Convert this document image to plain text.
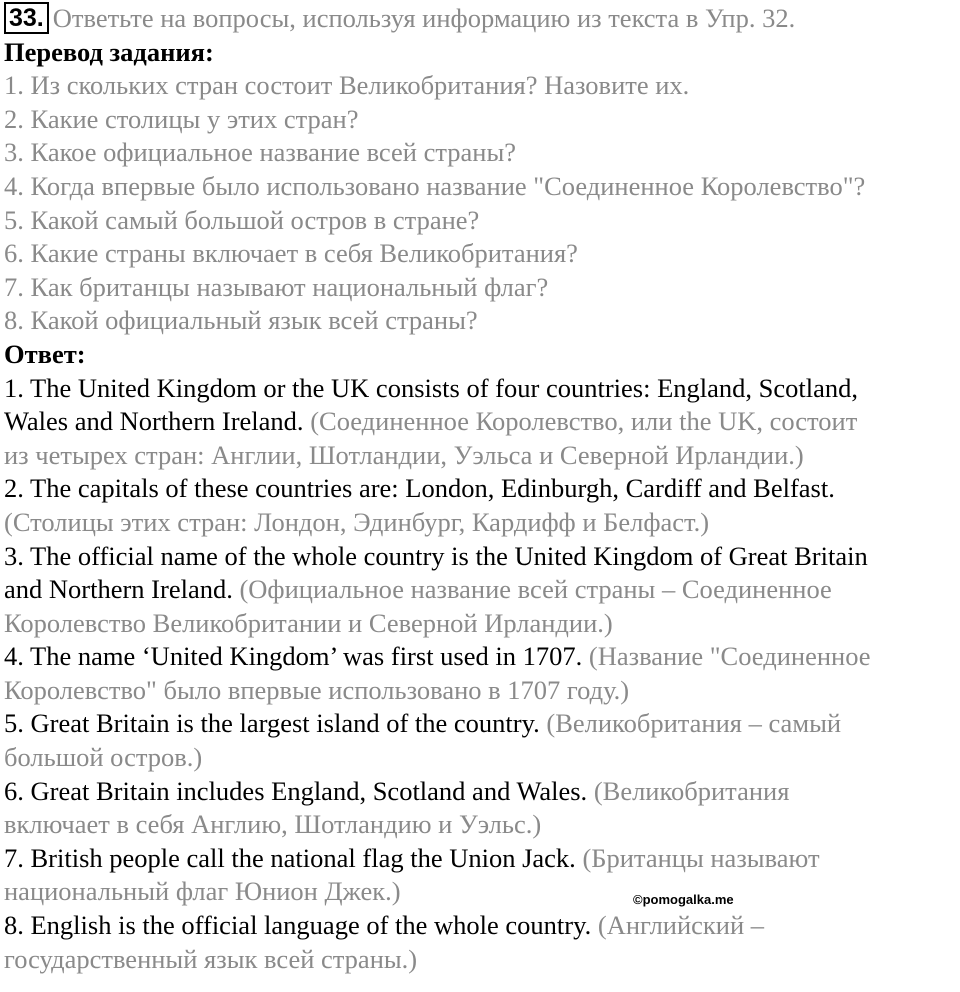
33. Ответьте на вопросы, используя информацию из текста в Упр. 32.
Перевод задания:
1. Из скольких стран состоит Великобритания? Назовите их.
2. Какие столицы у этих стран?
3. Какое официальное название всей страны?
4. Когда впервые было использовано название "Соединенное Королевство"?
5. Какой самый большой остров в стране?
6. Какие страны включает в себя Великобритания?
7. Как британцы называют национальный флаг?
8. Какой официальный язык всей страны?
Ответ:
1. The United Kingdom or the UK consists of four countries: England, Scotland,
Wales and Northern Ireland. (Соединенное Королевство, или the UK, состоит
из четырех стран: Англии, Шотландии, Уэльса и Северной Ирландии.)
2. The capitals of these countries are: London, Edinburgh, Cardiff and Belfast.
(Столицы этих стран: Лондон, Эдинбург, Кардифф и Белфаст.)
3. The official name of the whole country is the United Kingdom of Great Britain
and Northern Ireland. (Официальное название всей страны – Соединенное
Королевство Великобритании и Северной Ирландии.)
4. The name ‘United Kingdom’ was first used in 1707. (Название "Соединенное
Королевство" было впервые использовано в 1707 году.)
5. Great Britain is the largest island of the country. (Великобритания – самый
большой остров.)
6. Great Britain includes England, Scotland and Wales. (Великобритания
включает в себя Англию, Шотландию и Уэльс.)
7. British people call the national flag the Union Jack. (Британцы называют
национальный флаг Юнион Джек.)
8. English is the official language of the whole country. (Английский –
государственный язык всей страны.)
©pomogalka.me
